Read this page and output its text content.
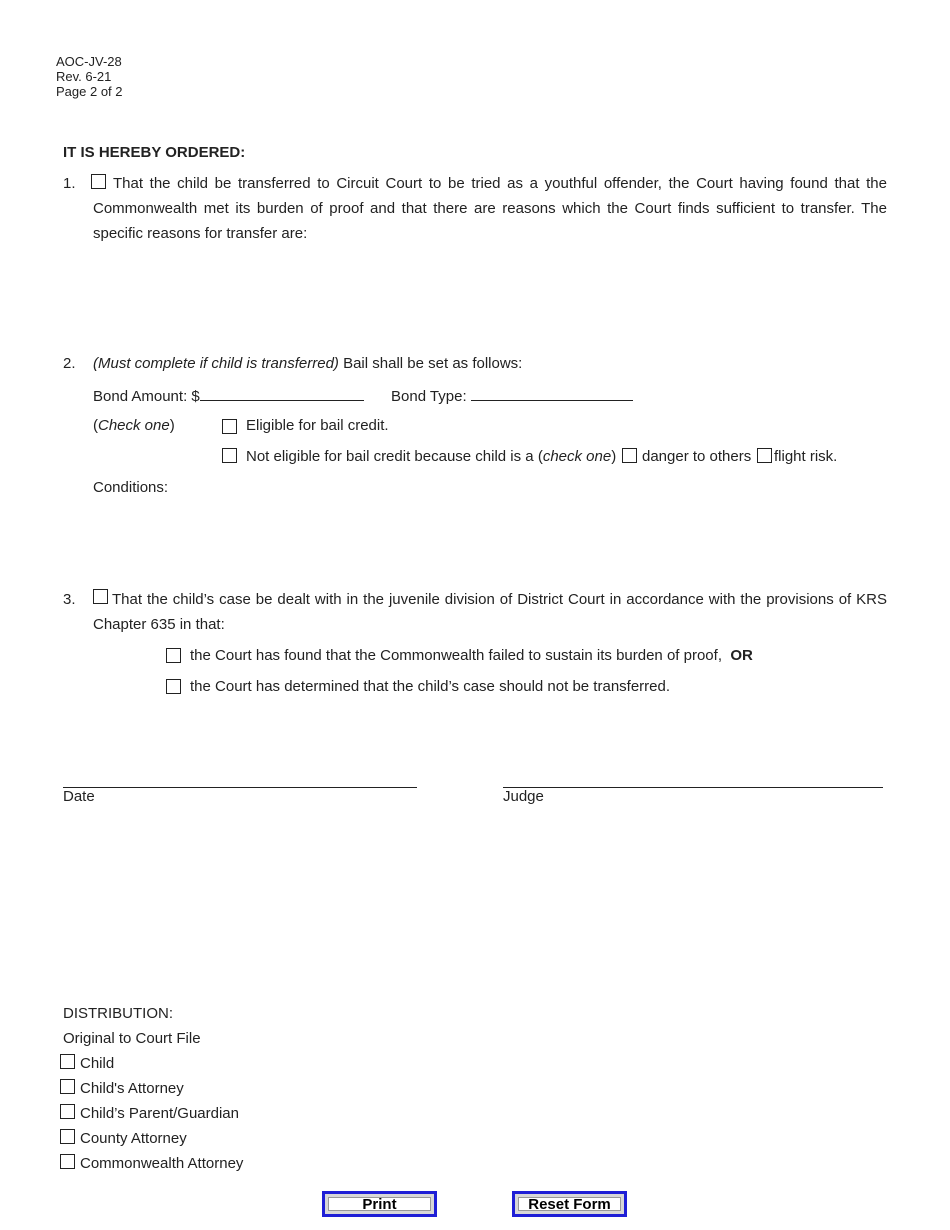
AOC-JV-28
Rev. 6-21
Page 2 of 2
IT IS HEREBY ORDERED:
1.	That the child be transferred to Circuit Court to be tried as a youthful offender, the Court having found that the Commonwealth met its burden of proof and that there are reasons which the Court finds sufficient to transfer. The specific reasons for transfer are:
2. (Must complete if child is transferred) Bail shall be set as follows:
Bond Amount: $	Bond Type:
(Check one)	Eligible for bail credit.
Not eligible for bail credit because child is a (check one) danger to others flight risk.
Conditions:
3.	That the child’s case be dealt with in the juvenile division of District Court in accordance with the provisions of KRS Chapter 635 in that:
the Court has found that the Commonwealth failed to sustain its burden of proof, OR
the Court has determined that the child’s case should not be transferred.
Date	Judge
DISTRIBUTION:
Original to Court File
Child
Child's Attorney
Child’s Parent/Guardian
County Attorney
Commonwealth Attorney
Print	Reset Form
